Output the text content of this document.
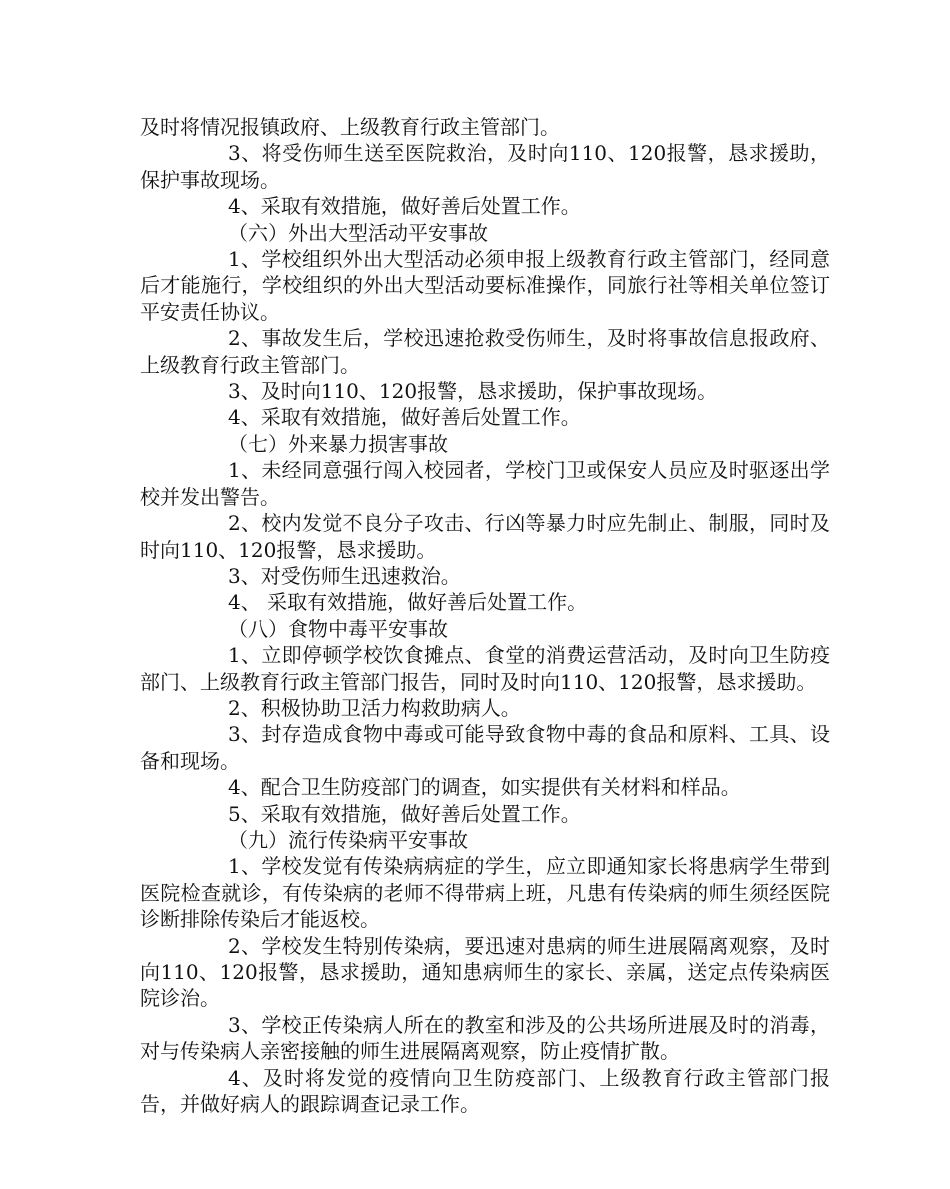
及时将情况报镇政府、上级教育行政主管部门。

3、将受伤师生送至医院救治，及时向110、120报警，恳求援助，保护事故现场。

4、采取有效措施，做好善后处置工作。

（六）外出大型活动平安事故

1、学校组织外出大型活动必须申报上级教育行政主管部门，经同意后才能施行，学校组织的外出大型活动要标准操作，同旅行社等相关单位签订平安责任协议。

2、事故发生后，学校迅速抢救受伤师生，及时将事故信息报政府、上级教育行政主管部门。

3、及时向110、120报警，恳求援助，保护事故现场。

4、采取有效措施，做好善后处置工作。

（七）外来暴力损害事故

1、未经同意强行闯入校园者，学校门卫或保安人员应及时驱逐出学校并发出警告。

2、校内发觉不良分子攻击、行凶等暴力时应先制止、制服，同时及时向110、120报警，恳求援助。

3、对受伤师生迅速救治。

4、 采取有效措施，做好善后处置工作。

（八）食物中毒平安事故

1、立即停顿学校饮食摊点、食堂的消费运营活动，及时向卫生防疫部门、上级教育行政主管部门报告，同时及时向110、120报警，恳求援助。

2、积极协助卫活力构救助病人。

3、封存造成食物中毒或可能导致食物中毒的食品和原料、工具、设备和现场。

4、配合卫生防疫部门的调查，如实提供有关材料和样品。

5、采取有效措施，做好善后处置工作。

（九）流行传染病平安事故

1、学校发觉有传染病病症的学生，应立即通知家长将患病学生带到医院检查就诊，有传染病的老师不得带病上班，凡患有传染病的师生须经医院诊断排除传染后才能返校。

2、学校发生特别传染病，要迅速对患病的师生进展隔离观察，及时向110、120报警，恳求援助，通知患病师生的家长、亲属，送定点传染病医院诊治。

3、学校正传染病人所在的教室和涉及的公共场所进展及时的消毒，对与传染病人亲密接触的师生进展隔离观察，防止疫情扩散。

4、及时将发觉的疫情向卫生防疫部门、上级教育行政主管部门报告，并做好病人的跟踪调查记录工作。
